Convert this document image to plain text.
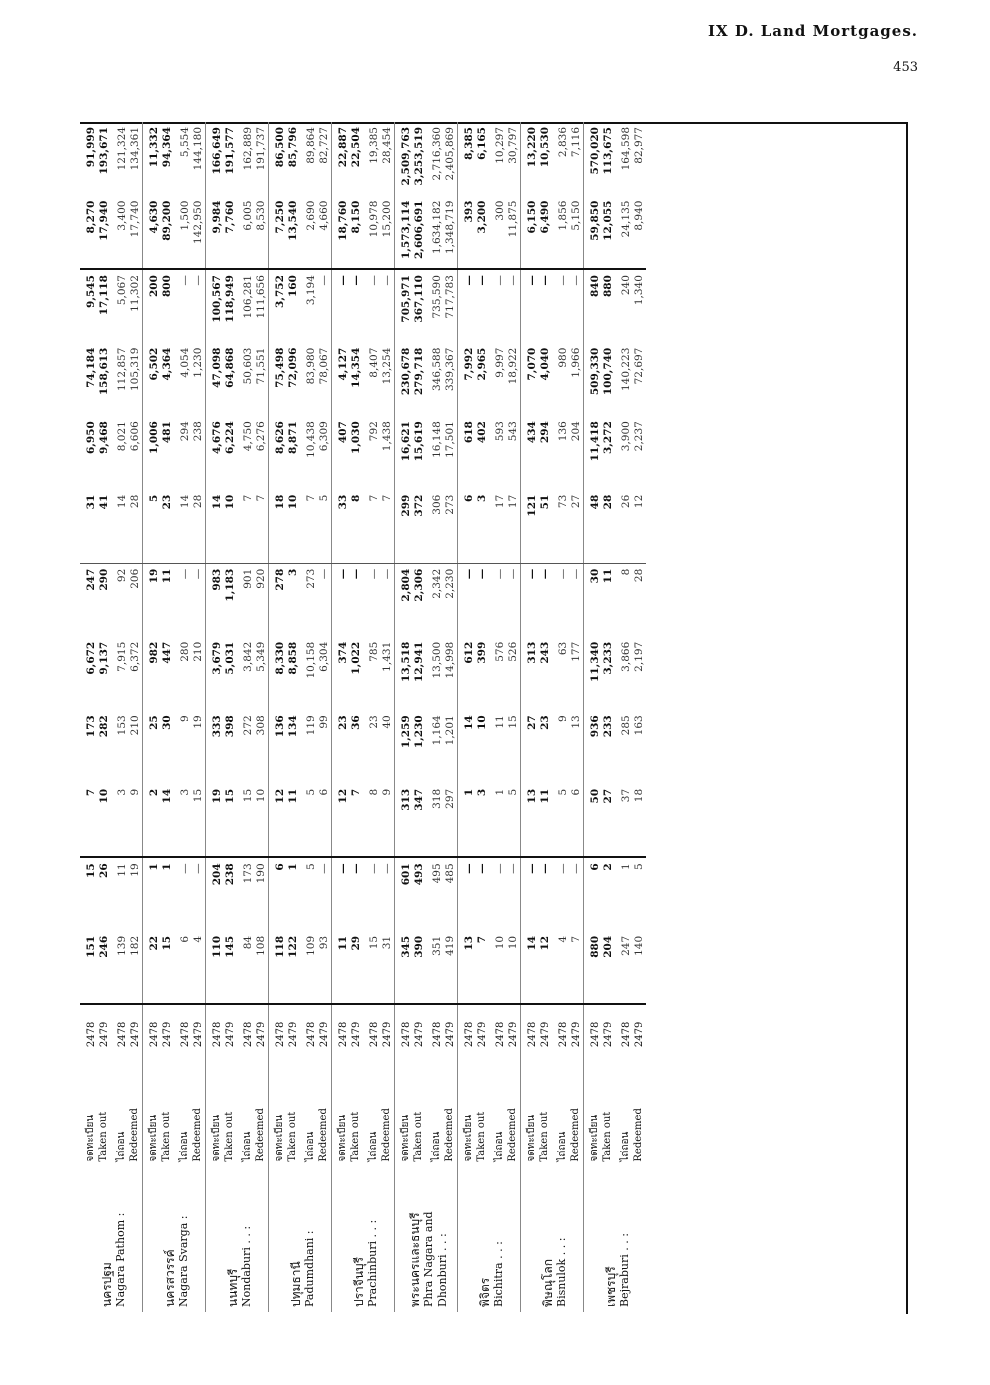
IX D. Land Mortgages.
453
นครปฐม Nagara Pathom :	จดทะเบียน	2478	151	15	7	173	6,672	247	31	6,950	74,184	9,545	8,270	91,999
	Taken out	2479	246	26	10	282	9,137	290	41	9,468	158,613	17,118	17,940	193,671
	ไถ่ถอน	2478	139	11	3	153	7,915	92	14	8,021	112,857	5,067	3,400	121,324
	Redeemed	2479	182	19	9	210	6,372	206	28	6,606	105,319	11,302	17,740	134,361

นครสวรรค์ Nagara Svarga :	จดทะเบียน	2478	22	1	2	25	982	19	5	1,006	6,502	200	4,630	11,332
	Taken out	2479	15	1	14	30	447	11	23	481	4,364	800	89,200	94,364
	ไถ่ถอน	2478	6	—	3	9	280	—	14	294	4,054	—	1,500	5,554
	Redeemed	2479	4	—	15	19	210	—	28	238	1,230	—	142,950	144,180

นนทบุรี Nondaburi . . :	จดทะเบียน	2478	110	204	19	333	3,679	983	14	4,676	47,098	100,567	9,984	166,649
	Taken out	2479	145	238	15	398	5,031	1,183	10	6,224	64,868	118,949	7,760	191,577
	ไถ่ถอน	2478	84	173	15	272	3,842	901	7	4,750	50,603	106,281	6,005	162,889
	Redeemed	2479	108	190	10	308	5,349	920	7	6,276	71,551	111,656	8,530	191,737

ปทุมธานี Padumdhani :	จดทะเบียน	2478	118	6	12	136	8,330	278	18	8,626	75,498	3,752	7,250	86,500
	Taken out	2479	122	1	11	134	8,858	3	10	8,871	72,096	160	13,540	85,796
	ไถ่ถอน	2478	109	5	5	119	10,158	273	7	10,438	83,980	3,194	2,690	89,864
	Redeemed	2479	93	—	6	99	6,304	—	5	6,309	78,067	—	4,660	82,727

ปราจีนบุรี Prachinburi . . :	จดทะเบียน	2478	11	—	12	23	374	—	33	407	4,127	—	18,760	22,887
	Taken out	2479	29	—	7	36	1,022	—	8	1,030	14,354	—	8,150	22,504
	ไถ่ถอน	2478	15	—	8	23	785	—	7	792	8,407	—	10,978	19,385
	Redeemed	2479	31	—	9	40	1,431	—	7	1,438	13,254	—	15,200	28,454

พระนครและธนบุรี Phra Nagara and Dhonburi . . :	จดทะเบียน	2478	345	601	313	1,259	13,518	2,804	299	16,621	230,678	705,971	1,573,114	2,509,763
	Taken out	2479	390	493	347	1,230	12,941	2,306	372	15,619	279,718	367,110	2,606,691	3,253,519
	ไถ่ถอน	2478	351	495	318	1,164	13,500	2,342	306	16,148	346,588	735,590	1,634,182	2,716,360
	Redeemed	2479	419	485	297	1,201	14,998	2,230	273	17,501	339,367	717,783	1,348,719	2,405,869

พิจิตร Bichitra . . :	จดทะเบียน	2478	13	—	1	14	612	—	6	618	7,992	—	393	8,385
	Taken out	2479	7	—	3	10	399	—	3	402	2,965	—	3,200	6,165
	ไถ่ถอน	2478	10	—	1	11	576	—	17	593	9,997	—	300	10,297
	Redeemed	2479	10	—	5	15	526	—	17	543	18,922	—	11,875	30,797

พิษณุโลก Bisnulok . . :	จดทะเบียน	2478	14	—	13	27	313	—	121	434	7,070	—	6,150	13,220
	Taken out	2479	12	—	11	23	243	—	51	294	4,040	—	6,490	10,530
	ไถ่ถอน	2478	4	—	5	9	63	—	73	136	980	—	1,856	2,836
	Redeemed	2479	7	—	6	13	177	—	27	204	1,966	—	5,150	7,116

เพชรบุรี Bejraburi . . :	จดทะเบียน	2478	880	6	50	936	11,340	30	48	11,418	509,330	840	59,850	570,020
	Taken out	2479	204	2	27	233	3,233	11	28	3,272	100,740	880	12,055	113,675
	ไถ่ถอน	2478	247	1	37	285	3,866	8	26	3,900	140,223	240	24,135	164,598
	Redeemed	2479	140	5	18	163	2,197	28	12	2,237	72,697	1,340	8,940	82,977
